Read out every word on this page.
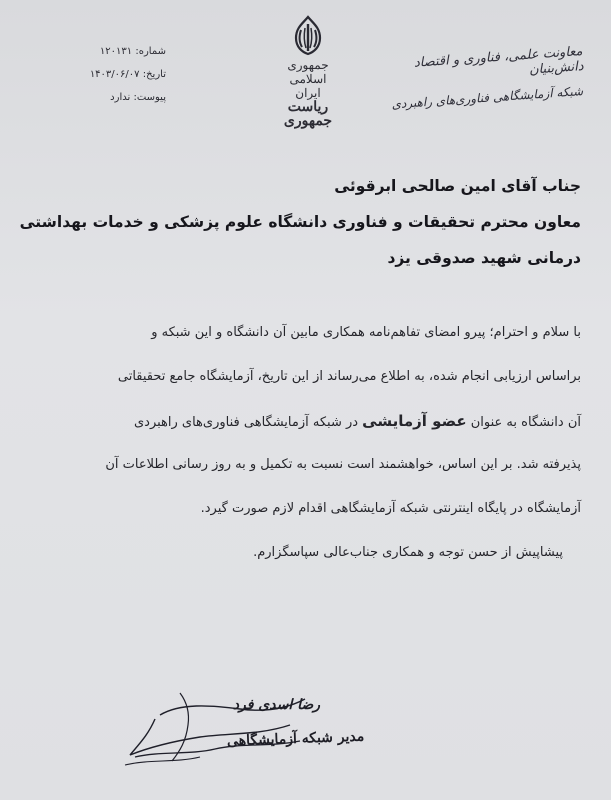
شماره: ۱۲۰۱۳۱
تاریخ: ۱۴۰۳/۰۶/۰۷
پیوست: ندارد
جمهوری اسلامی ایران
ریاست جمهوری
معاونت علمی، فناوری و اقتصاد دانش‌بنیان
شبکه آزمایشگاهی فناوری‌های راهبردی
جناب آقای امین صالحی ابرقوئی
معاون محترم تحقیقات و فناوری دانشگاه علوم پزشکی و خدمات بهداشتی
درمانی شهید صدوقی یزد
با سلام و احترام؛ پیرو امضای تفاهم‌نامه همکاری مابین آن دانشگاه و این شبکه و
براساس ارزیابی انجام شده، به اطلاع می‌رساند از این تاریخ، آزمایشگاه جامع تحقیقاتی
آن دانشگاه به عنوان عضو آزمایشی در شبکه آزمایشگاهی فناوری‌های راهبردی
پذیرفته شد. بر این اساس، خواهشمند است نسبت به تکمیل و به روز رسانی اطلاعات آن
آزمایشگاه در پایگاه اینترنتی شبکه آزمایشگاهی اقدام لازم صورت گیرد.
پیشاپیش از حسن توجه و همکاری جناب‌عالی سپاسگزارم.
رضا اسدی فرد
مدیر شبکه آزمایشگاهی
